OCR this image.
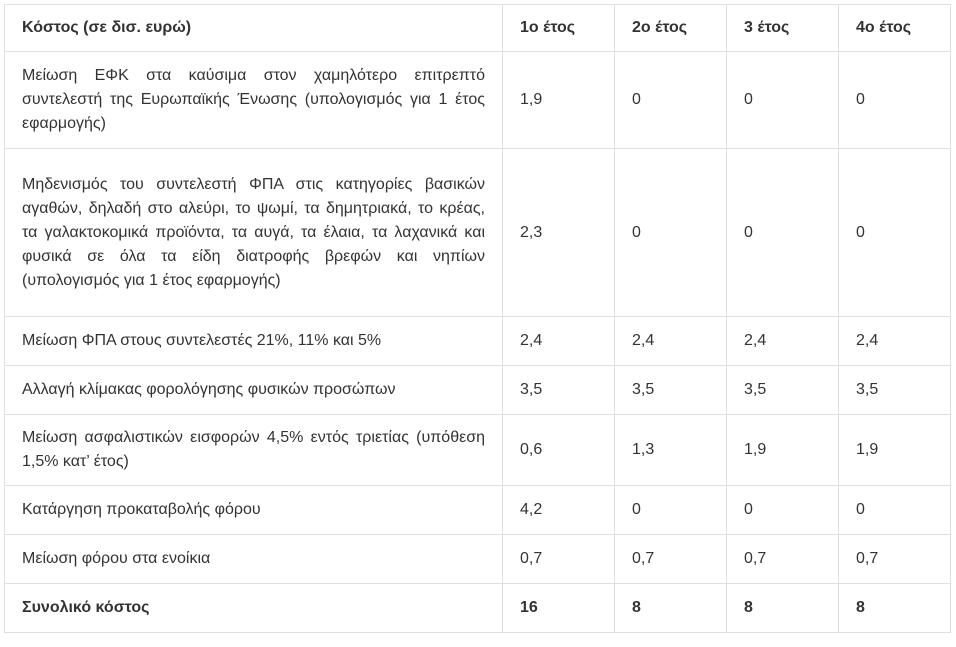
Κόστος (σε δισ. ευρώ)	1ο έτος	2ο έτος	3 έτος	4ο έτος
Μείωση ΕΦΚ στα καύσιμα στον χαμηλότερο επιτρεπτό συντελεστή της Ευρωπαϊκής Ένωσης (υπολογισμός για 1 έτος εφαρμογής)	1,9	0	0	0
Μηδενισμός του συντελεστή ΦΠΑ στις κατηγορίες βασικών αγαθών, δηλαδή στο αλεύρι, το ψωμί, τα δημητριακά, το κρέας, τα γαλακτοκομικά προϊόντα, τα αυγά, τα έλαια, τα λαχανικά και φυσικά σε όλα τα είδη διατροφής βρεφών και νηπίων (υπολογισμός για 1 έτος εφαρμογής)	2,3	0	0	0
Μείωση ΦΠΑ στους συντελεστές 21%, 11% και 5%	2,4	2,4	2,4	2,4
Αλλαγή κλίμακας φορολόγησης φυσικών προσώπων	3,5	3,5	3,5	3,5
Μείωση ασφαλιστικών εισφορών 4,5% εντός τριετίας (υπόθεση 1,5% κατ’ έτος)	0,6	1,3	1,9	1,9
Κατάργηση προκαταβολής φόρου	4,2	0	0	0
Μείωση φόρου στα ενοίκια	0,7	0,7	0,7	0,7
Συνολικό κόστος	16	8	8	8
